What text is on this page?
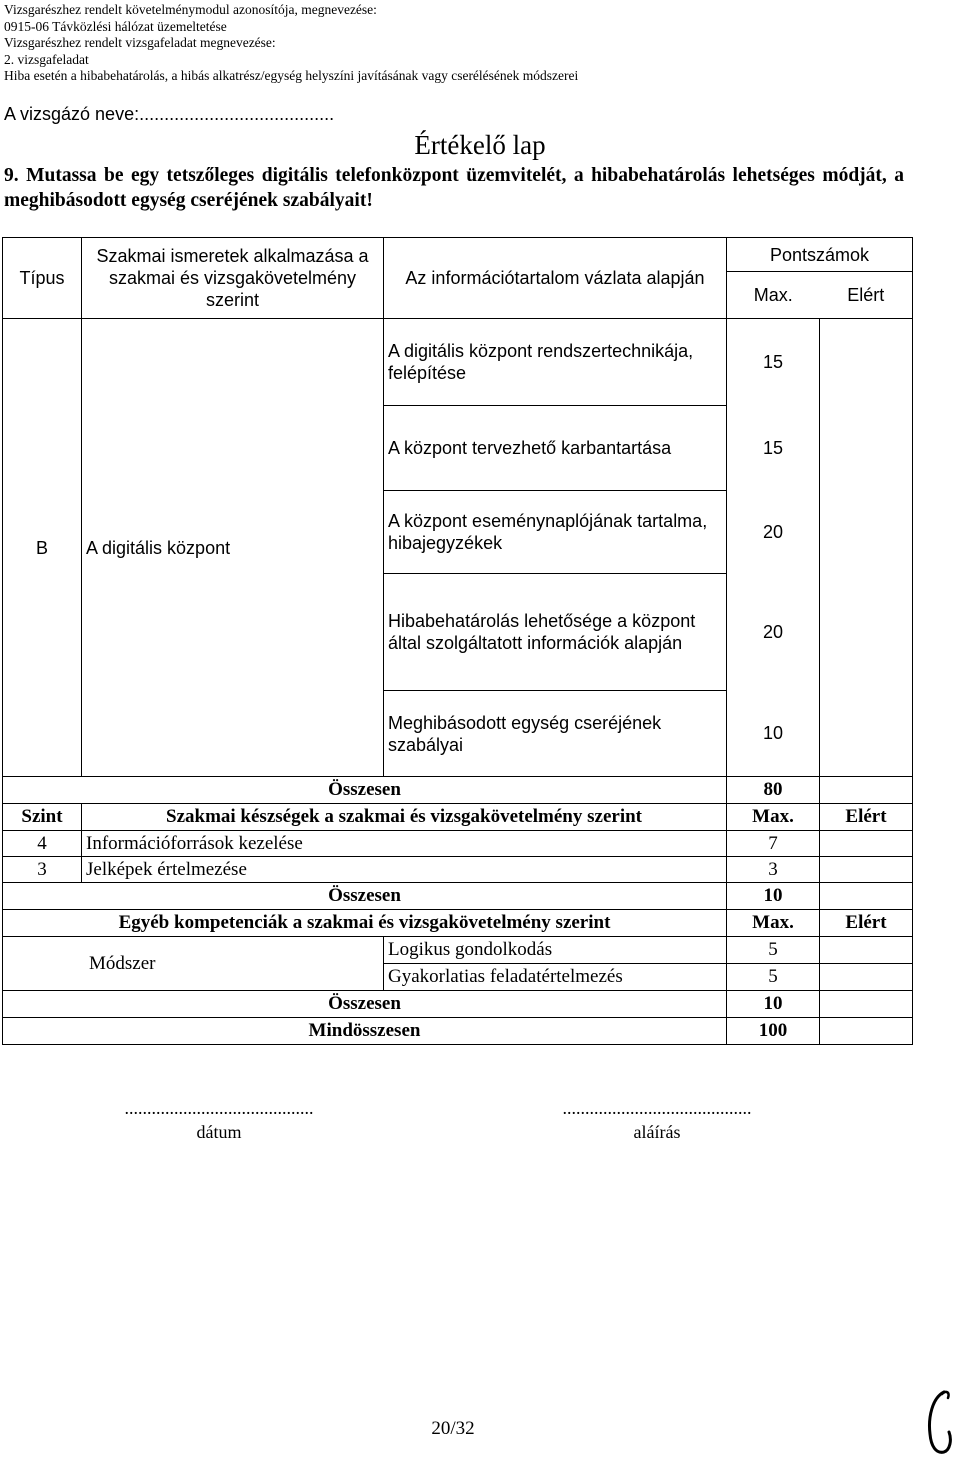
Vizsgarészhez rendelt követelménymodul azonosítója, megnevezése:
0915-06 Távközlési hálózat üzemeltetése
Vizsgarészhez rendelt vizsgafeladat megnevezése:
2. vizsgafeladat
Hiba esetén a hibabehatárolás, a hibás alkatrész/egység helyszíni javításának vagy cserélésének módszerei
A vizsgázó neve:.......................................
Értékelő lap
9. Mutassa be egy tetszőleges digitális telefonközpont üzemvitelét, a hibabehatárolás lehetséges módját, a meghibásodott egység cseréjének szabályait!
Típus	Szakmai ismeretek alkalmazása a szakmai és vizsgakövetelmény szerint	Az információtartalom vázlata alapján	Pontszámok	
			Max.	Elért
B	A digitális központ	A digitális központ rendszertechnikája, felépítése	15	
		A központ tervezhető karbantartása	15	
		A központ eseménynaplójának tartalma, hibajegyzékek	20	
		Hibabehatárolás lehetősége a központ által szolgáltatott információk alapján	20	
		Meghibásodott egység cseréjének szabályai	10	
Összesen			80	
Szint	Szakmai készségek a szakmai és vizsgakövetelmény szerint		Max.	Elért
4	Információforrások kezelése		7	
3	Jelképek értelmezése		3	
Összesen			10	
Egyéb kompetenciák a szakmai és vizsgakövetelmény szerint			Max.	Elért
Módszer		Logikus gondolkodás	5	
		Gyakorlatias feladatértelmezés	5	
Összesen			10	
Mindösszesen			100	
..........................................
dátum
..........................................
aláírás
20/32
